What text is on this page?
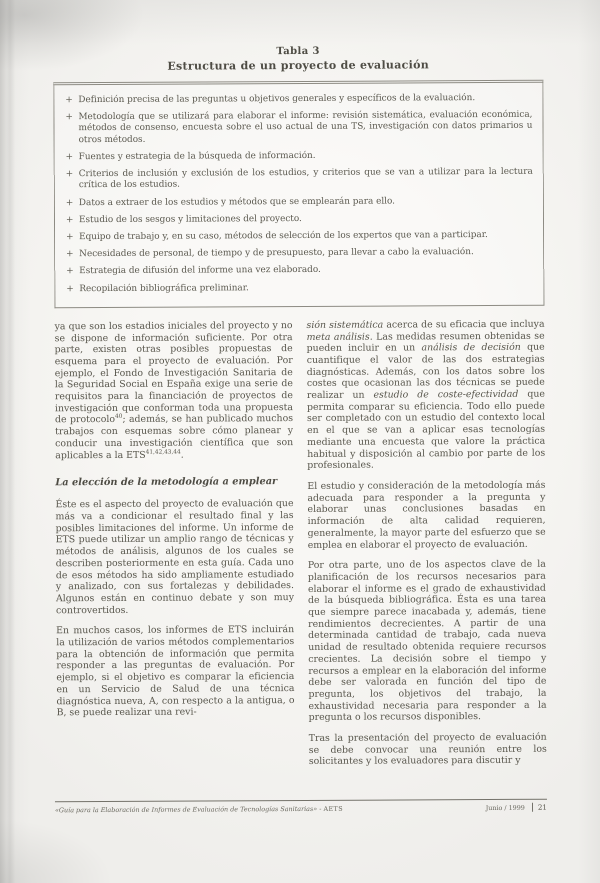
Tabla 3
Estructura de un proyecto de evaluación
+ Definición precisa de las preguntas u objetivos generales y específicos de la evaluación.
+ Metodología que se utilizará para elaborar el informe: revisión sistemática, evaluación económica, métodos de consenso, encuesta sobre el uso actual de una TS, investigación con datos primarios u otros métodos.
+ Fuentes y estrategia de la búsqueda de información.
+ Criterios de inclusión y exclusión de los estudios, y criterios que se van a utilizar para la lectura crítica de los estudios.
+ Datos a extraer de los estudios y métodos que se emplearán para ello.
+ Estudio de los sesgos y limitaciones del proyecto.
+ Equipo de trabajo y, en su caso, métodos de selección de los expertos que van a participar.
+ Necesidades de personal, de tiempo y de presupuesto, para llevar a cabo la evaluación.
+ Estrategia de difusión del informe una vez elaborado.
+ Recopilación bibliográfica preliminar.

ya que son los estadios iniciales del proyecto y no se dispone de información suficiente. Por otra parte, existen otras posibles propuestas de esquema para el proyecto de evaluación. Por ejemplo, el Fondo de Investigación Sanitaria de la Seguridad Social en España exige una serie de requisitos para la financiación de proyectos de investigación que conforman toda una propuesta de protocolo$^{40}$; además, se han publicado muchos trabajos con esquemas sobre cómo planear y conducir una investigación científica que son aplicables a la ETS$^{41,42,43,44}$.

La elección de la metodología a emplear

Éste es el aspecto del proyecto de evaluación que más va a condicionar el resultado final y las posibles limitaciones del informe. Un informe de ETS puede utilizar un amplio rango de técnicas y métodos de análisis, algunos de los cuales se describen posteriormente en esta guía. Cada uno de esos métodos ha sido ampliamente estudiado y analizado, con sus fortalezas y debilidades. Algunos están en continuo debate y son muy controvertidos.

En muchos casos, los informes de ETS incluirán la utilización de varios métodos complementarios para la obtención de información que permita responder a las preguntas de evaluación. Por ejemplo, si el objetivo es comparar la eficiencia en un Servicio de Salud de una técnica diagnóstica nueva, A, con respecto a la antigua, o B, se puede realizar una revi-

sión sistemática acerca de su eficacia que incluya meta análisis. Las medidas resumen obtenidas se pueden incluir en un análisis de decisión que cuantifique el valor de las dos estrategias diagnósticas. Además, con los datos sobre los costes que ocasionan las dos técnicas se puede realizar un estudio de coste-efectividad que permita comparar su eficiencia. Todo ello puede ser completado con un estudio del contexto local en el que se van a aplicar esas tecnologías mediante una encuesta que valore la práctica habitual y disposición al cambio por parte de los profesionales.

El estudio y consideración de la metodología más adecuada para responder a la pregunta y elaborar unas conclusiones basadas en información de alta calidad requieren, generalmente, la mayor parte del esfuerzo que se emplea en elaborar el proyecto de evaluación.

Por otra parte, uno de los aspectos clave de la planificación de los recursos necesarios para elaborar el informe es el grado de exhaustividad de la búsqueda bibliográfica. Ésta es una tarea que siempre parece inacabada y, además, tiene rendimientos decrecientes. A partir de una determinada cantidad de trabajo, cada nueva unidad de resultado obtenida requiere recursos crecientes. La decisión sobre el tiempo y recursos a emplear en la elaboración del informe debe ser valorada en función del tipo de pregunta, los objetivos del trabajo, la exhaustividad necesaria para responder a la pregunta o los recursos disponibles.

Tras la presentación del proyecto de evaluación se debe convocar una reunión entre los solicitantes y los evaluadores para discutir y

«Guía para la Elaboración de Informes de Evaluación de Tecnologías Sanitarias» - AETS	Junio / 1999	21
